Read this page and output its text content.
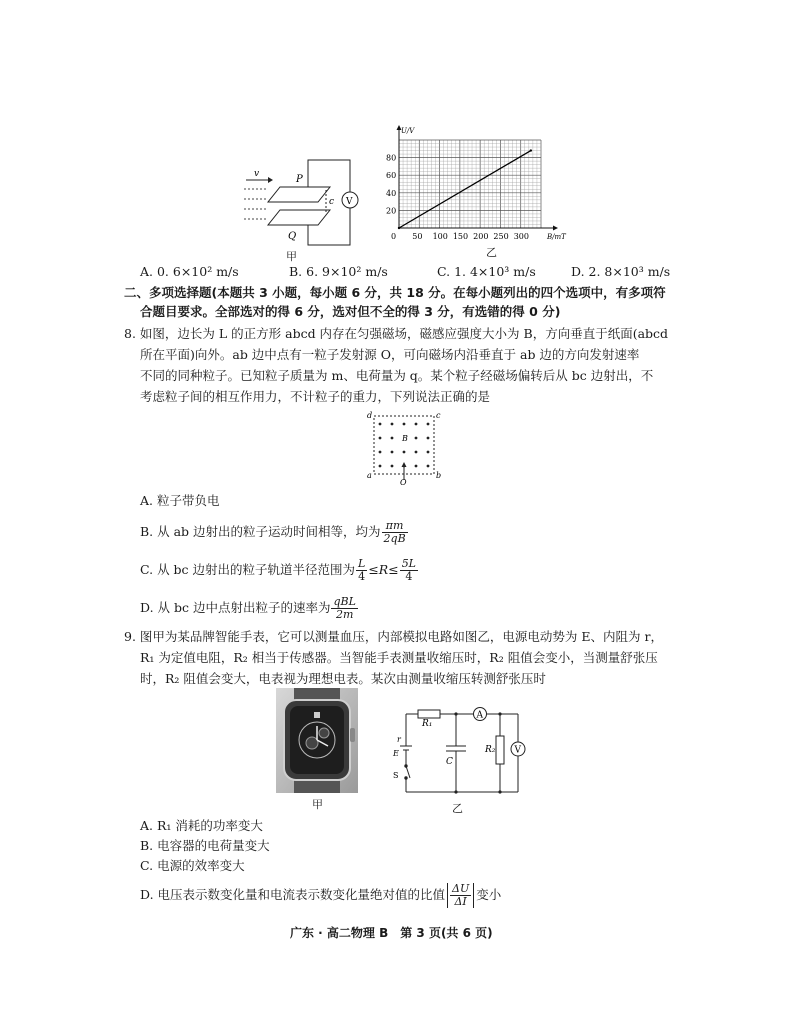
v	P
Q
c V
甲
0 50 100 150 200 250 300
20
40
60
80
B/mT
U/V
乙
A. 0. 6×10² m/s	B. 6. 9×10² m/s	C. 1. 4×10³ m/s	D. 2. 8×10³ m/s
二、多项选择题(本题共 3 小题，每小题 6 分，共 18 分。在每小题列出的四个选项中，有多项符
合题目要求。全部选对的得 6 分，选对但不全的得 3 分，有选错的得 0 分)
8. 如图，边长为 L 的正方形 abcd 内存在匀强磁场，磁感应强度大小为 B，方向垂直于纸面(abcd
所在平面)向外。ab 边中点有一粒子发射源 O，可向磁场内沿垂直于 ab 边的方向发射速率
不同的同种粒子。已知粒子质量为 m、电荷量为 q。某个粒子经磁场偏转后从 bc 边射出，不
考虑粒子间的相互作用力，不计粒子的重力，下列说法正确的是
d	c
a	b
B
O
A. 粒子带负电
B. 从 ab 边射出的粒子运动时间相等，均为 $\frac{\pi m}{2qB}$
C. 从 bc 边射出的粒子轨道半径范围为 $\frac{L}{4} \le R\le \frac{5L}{4}$
D. 从 bc 边中点射出粒子的速率为 $\frac{\text{qBL}}{2m}$
9. 图甲为某品牌智能手表，它可以测量血压，内部模拟电路如图乙，电源电动势为 E、内阻为 r，
R₁ 为定值电阻，R₂ 相当于传感器。当智能手表测量收缩压时，R₂ 阻值会变小，当测量舒张压
时，R₂ 阻值会变大，电表视为理想电表。某次由测量收缩压转测舒张压时
甲
A
V
R₁
R₂
C
r
E
S
乙
A. R₁ 消耗的功率变大
B. 电容器的电荷量变大
C. 电源的效率变大
D. 电压表示数变化量和电流表示数变化量绝对值的比值 $\frac{\Delta U}{\Delta I}$ 变小
广东 · 高二物理 B　第 3 页(共 6 页)
